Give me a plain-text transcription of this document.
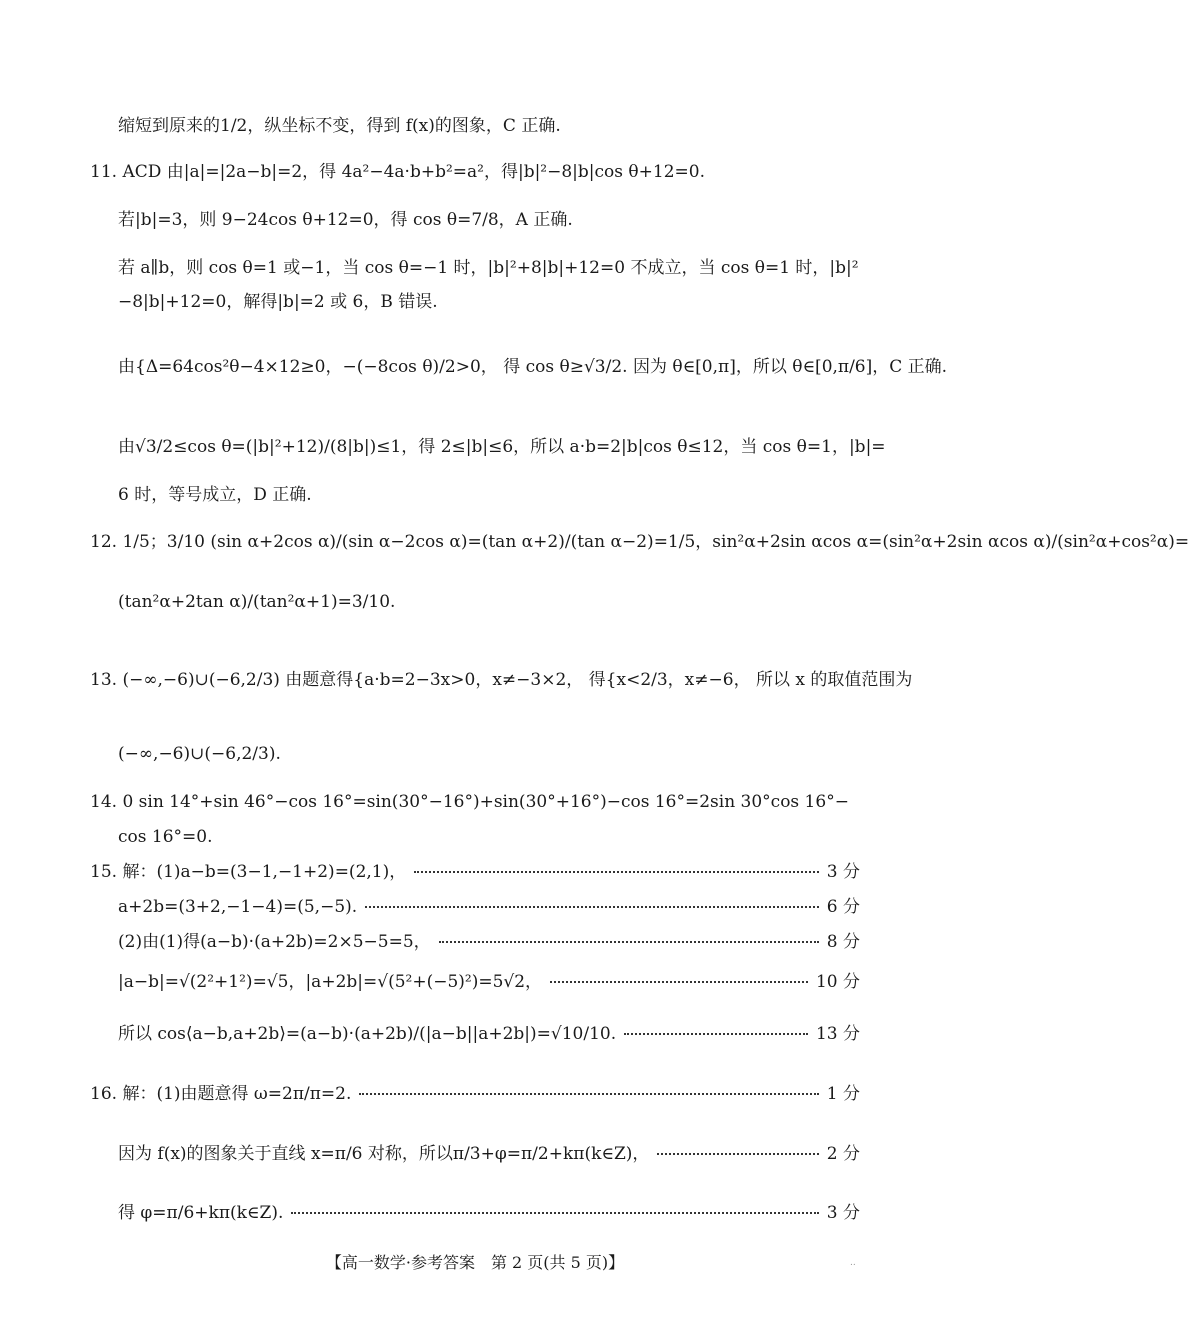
缩短到原来的1/2，纵坐标不变，得到 f(x)的图象，C 正确.
11. ACD 由|a|=|2a−b|=2，得 4a²−4a·b+b²=a²，得|b|²−8|b|cos θ+12=0.
若|b|=3，则 9−24cos θ+12=0，得 cos θ=7/8，A 正确.
若 a∥b，则 cos θ=1 或−1，当 cos θ=−1 时，|b|²+8|b|+12=0 不成立，当 cos θ=1 时，|b|²
−8|b|+12=0，解得|b|=2 或 6，B 错误.
由{Δ=64cos²θ−4×12≥0，−(−8cos θ)/2>0， 得 cos θ≥√3/2. 因为 θ∈[0,π]，所以 θ∈[0,π/6]，C 正确.
由√3/2≤cos θ=(|b|²+12)/(8|b|)≤1，得 2≤|b|≤6，所以 a·b=2|b|cos θ≤12，当 cos θ=1，|b|=
6 时，等号成立，D 正确.
12. 1/5；3/10 (sin α+2cos α)/(sin α−2cos α)=(tan α+2)/(tan α−2)=1/5，sin²α+2sin αcos α=(sin²α+2sin αcos α)/(sin²α+cos²α)=
(tan²α+2tan α)/(tan²α+1)=3/10.
13. (−∞,−6)∪(−6,2/3) 由题意得{a·b=2−3x>0，x≠−3×2， 得{x<2/3，x≠−6， 所以 x 的取值范围为
(−∞,−6)∪(−6,2/3).
14. 0 sin 14°+sin 46°−cos 16°=sin(30°−16°)+sin(30°+16°)−cos 16°=2sin 30°cos 16°−
cos 16°=0.
15. 解：(1)a−b=(3−1,−1+2)=(2,1)，	3 分
a+2b=(3+2,−1−4)=(5,−5).	6 分
(2)由(1)得(a−b)·(a+2b)=2×5−5=5，	8 分
|a−b|=√(2²+1²)=√5，|a+2b|=√(5²+(−5)²)=5√2，	10 分
所以 cos⟨a−b,a+2b⟩=(a−b)·(a+2b)/(|a−b||a+2b|)=√10/10.	13 分
16. 解：(1)由题意得 ω=2π/π=2.	1 分
因为 f(x)的图象关于直线 x=π/6 对称，所以π/3+φ=π/2+kπ(k∈Z)，	2 分
得 φ=π/6+kπ(k∈Z).	3 分
【高一数学·参考答案　第 2 页(共 5 页)】	..
